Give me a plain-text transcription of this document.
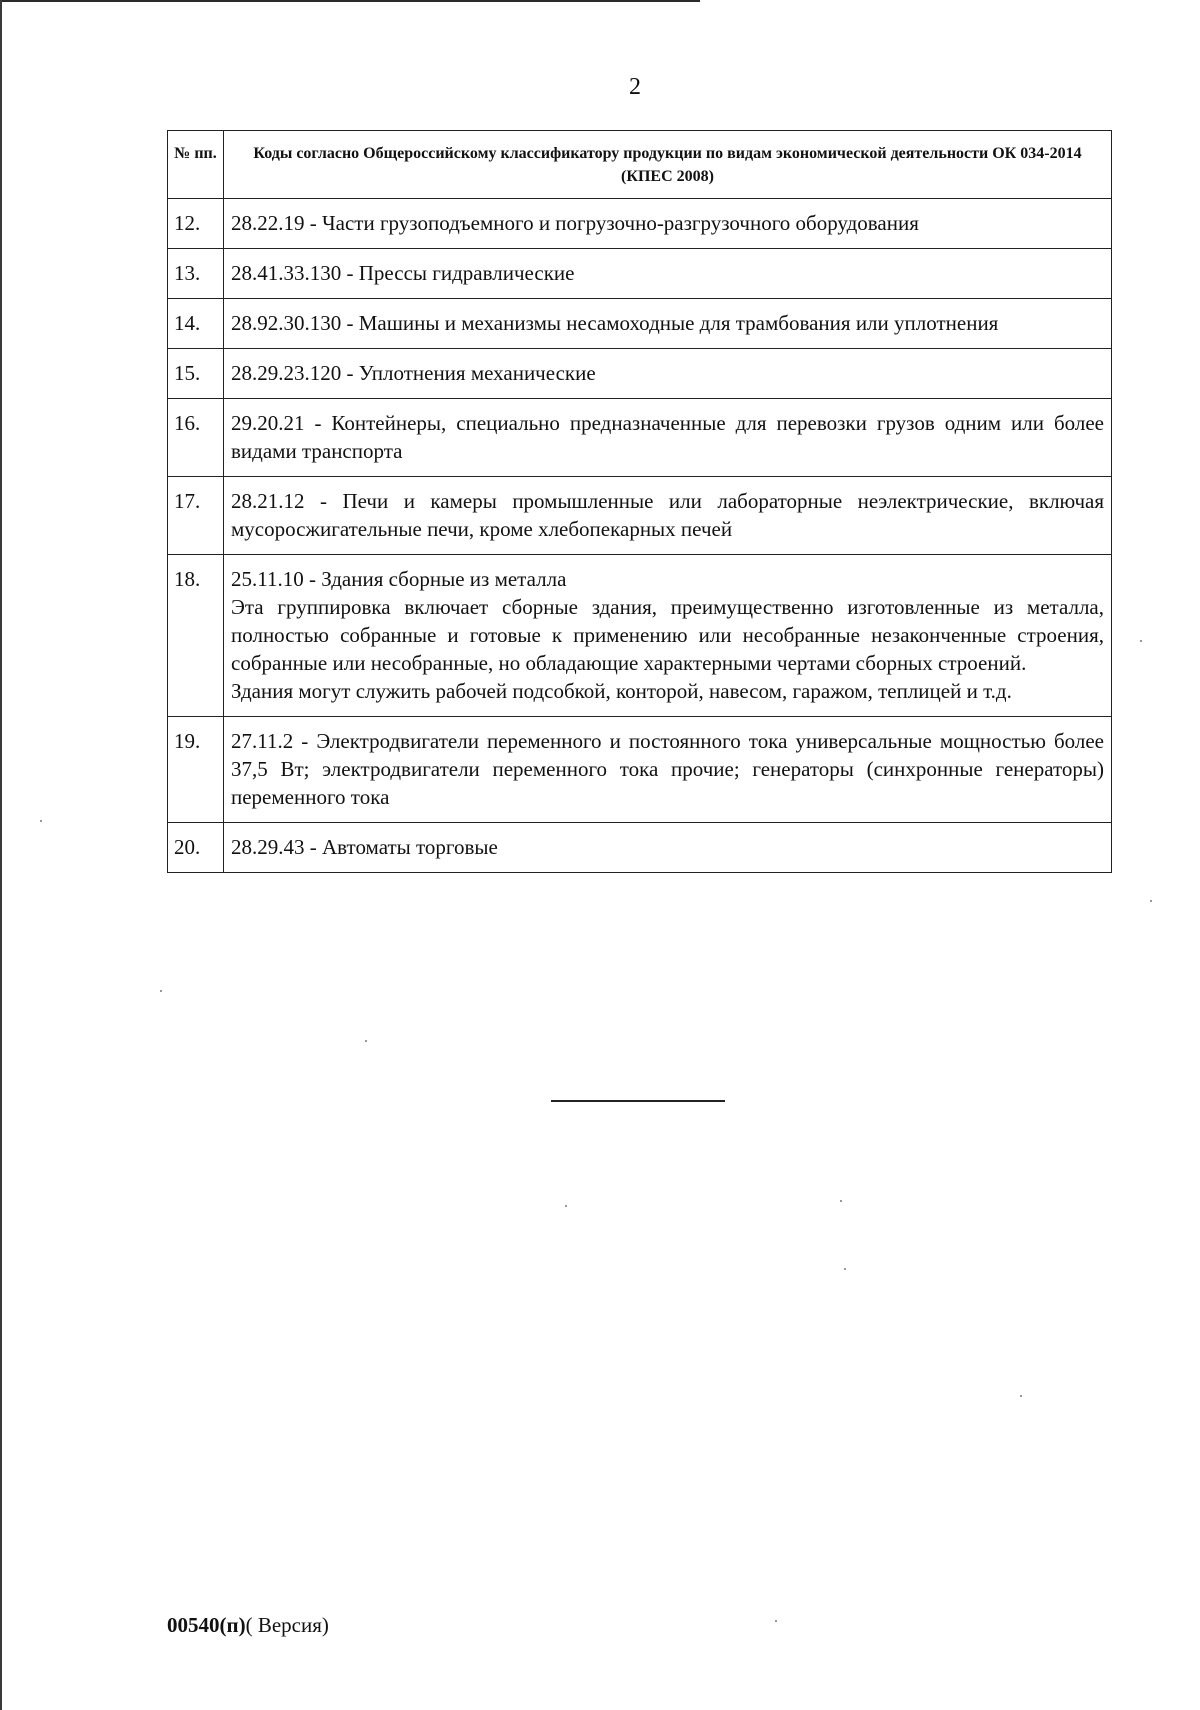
2
№ пп.	Коды согласно Общероссийскому классификатору продукции по видам экономической деятельности ОК 034-2014 (КПЕС 2008)
12.	28.22.19 - Части грузоподъемного и погрузочно-разгрузочного оборудования
13.	28.41.33.130 - Прессы гидравлические
14.	28.92.30.130 - Машины и механизмы несамоходные для трамбования или уплотнения
15.	28.29.23.120 - Уплотнения механические
16.	29.20.21 - Контейнеры, специально предназначенные для перевозки грузов одним или более видами транспорта
17.	28.21.12 - Печи и камеры промышленные или лабораторные неэлектрические, включая мусоросжигательные печи, кроме хлебопекарных печей
18.	25.11.10 - Здания сборные из металла
Эта группировка включает сборные здания, преимущественно изготовленные из металла, полностью собранные и готовые к применению или несобранные незаконченные строения, собранные или несобранные, но обладающие характерными чертами сборных строений.
Здания могут служить рабочей подсобкой, конторой, навесом, гаражом, теплицей и т.д.

19.	27.11.2 - Электродвигатели переменного и постоянного тока универсальные мощностью более 37,5 Вт; электродвигатели переменного тока прочие; генераторы (синхронные генераторы) переменного тока
20.	28.29.43 - Автоматы торговые
00540(п)( Версия)
